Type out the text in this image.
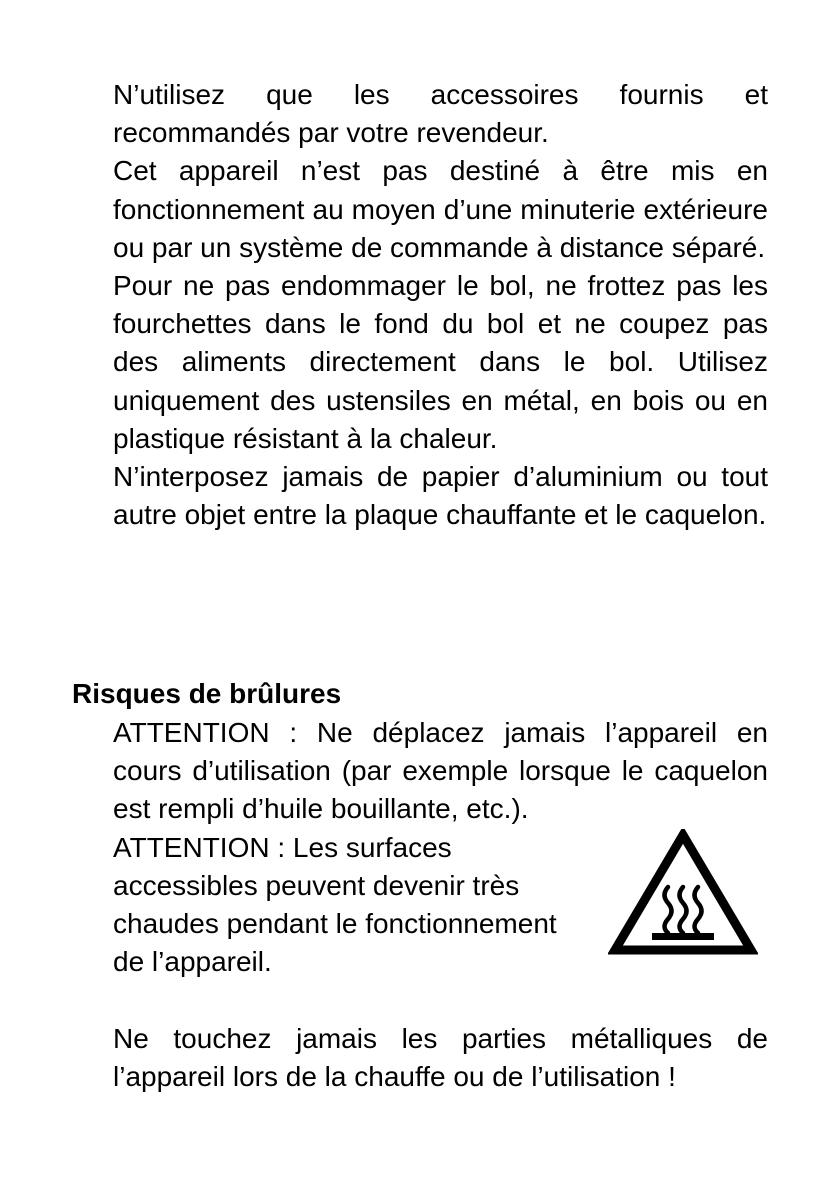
N’utilisez que les accessoires fournis et recommandés par votre revendeur.

Cet appareil n’est pas destiné à être mis en fonctionnement au moyen d’une minuterie extérieure ou par un système de commande à distance séparé.

Pour ne pas endommager le bol, ne frottez pas les fourchettes dans le fond du bol et ne coupez pas des aliments directement dans le bol. Utilisez uniquement des ustensiles en métal, en bois ou en plastique résistant à la chaleur.

N’interposez jamais de papier d’aluminium ou tout autre objet entre la plaque chauffante et le caquelon.

Risques de brûlures

ATTENTION : Ne déplacez jamais l’appareil en cours d’utilisation (par exemple lorsque le caquelon est rempli d’huile bouillante, etc.).

ATTENTION : Les surfaces accessibles peuvent devenir très chaudes pendant le fonctionnement de l’appareil.

Ne touchez jamais les parties métalliques de l’appareil lors de la chauffe ou de l’utilisation !
